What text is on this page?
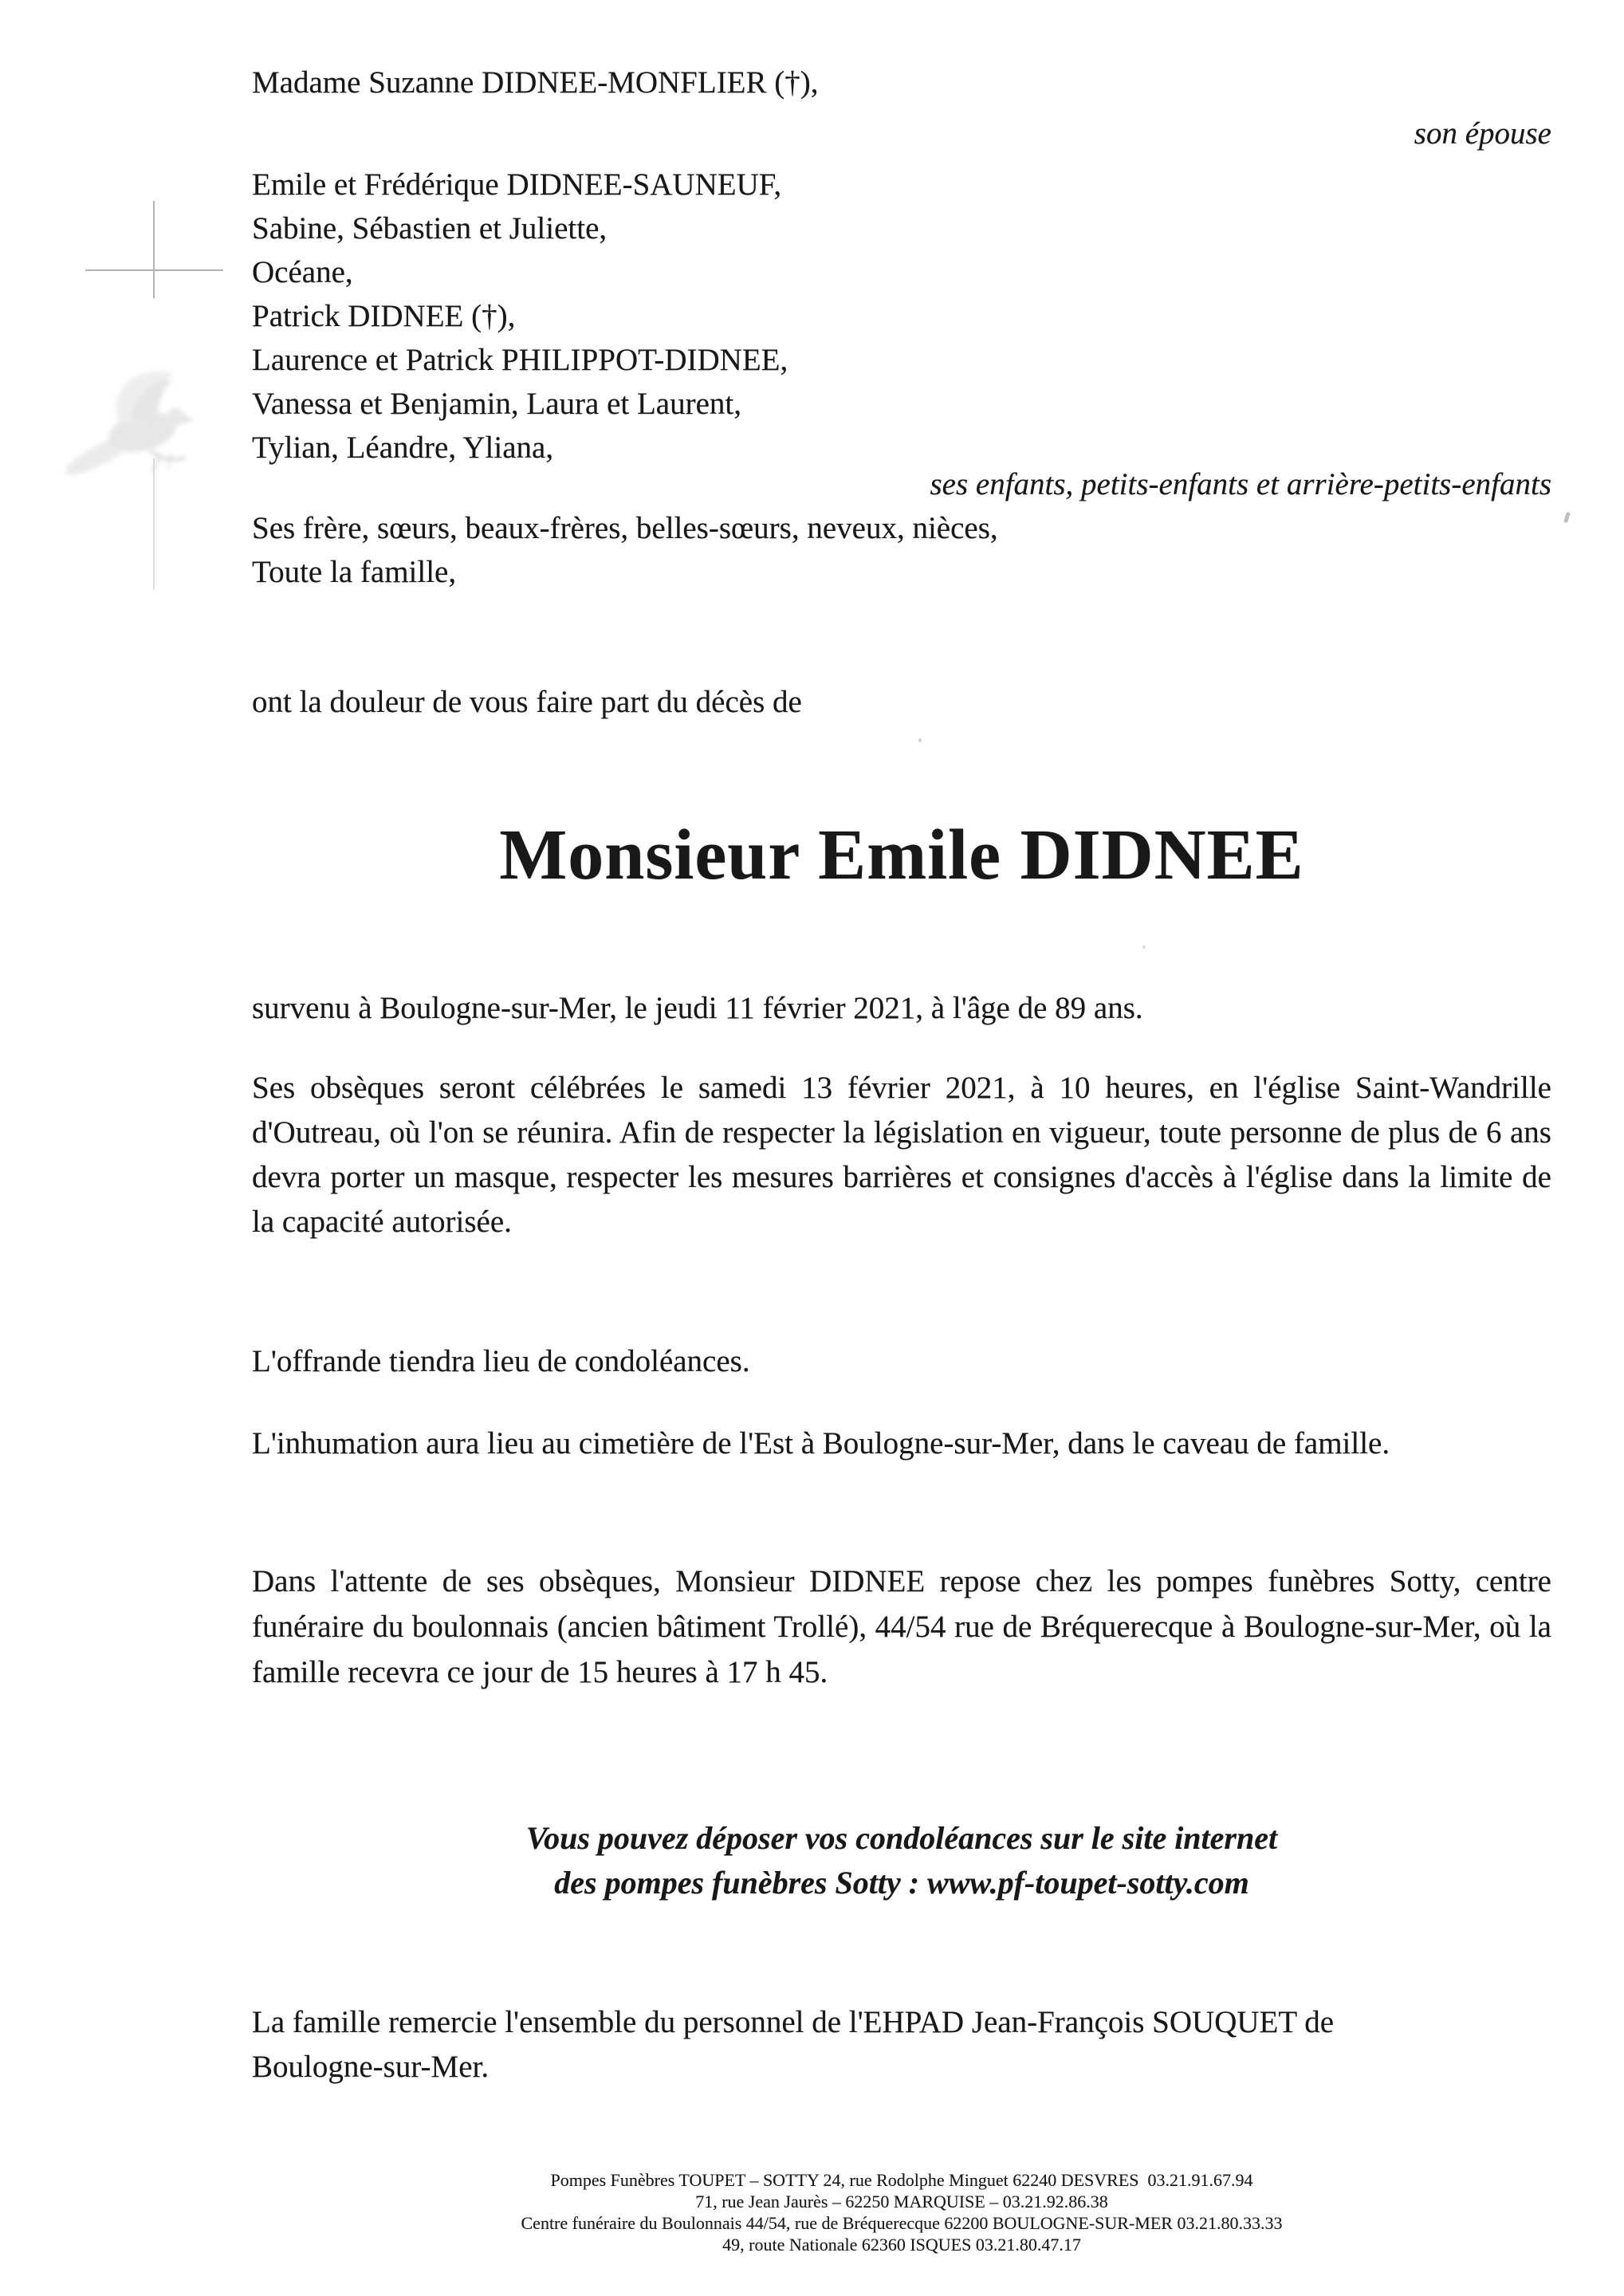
Madame Suzanne DIDNEE-MONFLIER (†),
son épouse
Emile et Frédérique DIDNEE-SAUNEUF,
Sabine, Sébastien et Juliette,
Océane,
Patrick DIDNEE (†),
Laurence et Patrick PHILIPPOT-DIDNEE,
Vanessa et Benjamin, Laura et Laurent,
Tylian, Léandre, Yliana,
ses enfants, petits-enfants et arrière-petits-enfants
Ses frère, sœurs, beaux-frères, belles-sœurs, neveux, nièces,
Toute la famille,
ont la douleur de vous faire part du décès de
Monsieur Emile DIDNEE
survenu à Boulogne-sur-Mer, le jeudi 11 février 2021, à l'âge de 89 ans.
Ses obsèques seront célébrées le samedi 13 février 2021, à 10 heures, en l'église Saint-Wandrille d'Outreau, où l'on se réunira. Afin de respecter la législation en vigueur, toute personne de plus de 6 ans devra porter un masque, respecter les mesures barrières et consignes d'accès à l'église dans la limite de la capacité autorisée.
L'offrande tiendra lieu de condoléances.
L'inhumation aura lieu au cimetière de l'Est à Boulogne-sur-Mer, dans le caveau de famille.
Dans l'attente de ses obsèques, Monsieur DIDNEE repose chez les pompes funèbres Sotty, centre funéraire du boulonnais (ancien bâtiment Trollé), 44/54 rue de Bréquerecque à Boulogne-sur-Mer, où la famille recevra ce jour de 15 heures à 17 h 45.
Vous pouvez déposer vos condoléances sur le site internet
des pompes funèbres Sotty : www.pf-toupet-sotty.com
La famille remercie l'ensemble du personnel de l'EHPAD Jean-François SOUQUET de Boulogne-sur-Mer.
Pompes Funèbres TOUPET – SOTTY 24, rue Rodolphe Minguet 62240 DESVRES  03.21.91.67.94
71, rue Jean Jaurès – 62250 MARQUISE – 03.21.92.86.38
Centre funéraire du Boulonnais 44/54, rue de Bréquerecque 62200 BOULOGNE-SUR-MER 03.21.80.33.33
49, route Nationale 62360 ISQUES 03.21.80.47.17
